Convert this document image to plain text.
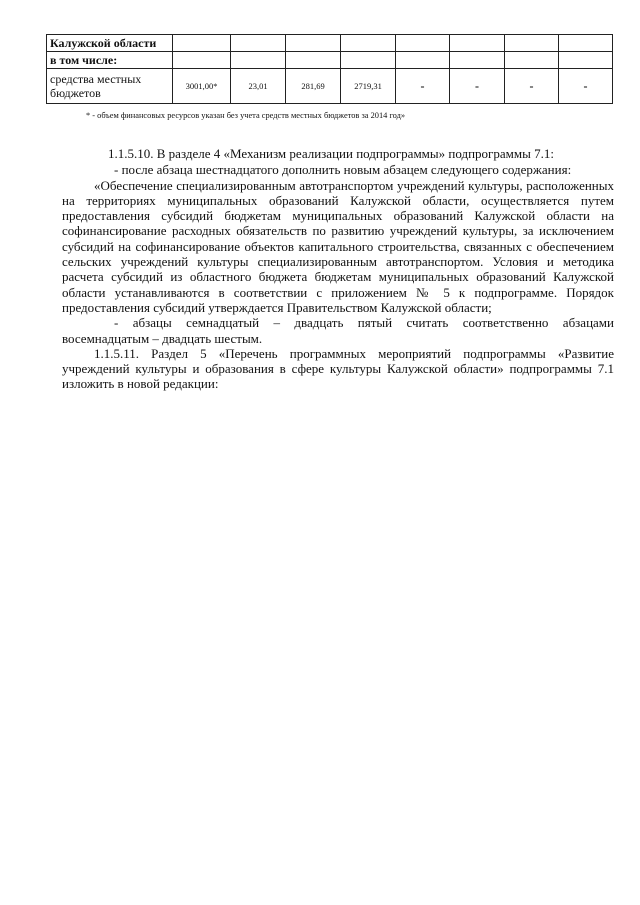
Калужской области								
в том числе:								
средства местных бюджетов	3001,00*	23,01	281,69	2719,31	-	-	-	-
* - объем финансовых ресурсов указан без учета средств местных бюджетов за 2014 год»

1.1.5.10. В разделе 4 «Механизм реализации подпрограммы» подпрограммы 7.1:

- после абзаца шестнадцатого дополнить новым абзацем следующего содержания:

«Обеспечение специализированным автотранспортом учреждений культуры, расположенных на территориях муниципальных образований Калужской области, осуществляется путем предоставления субсидий бюджетам муниципальных образований Калужской области на софинансирование расходных обязательств по развитию учреждений культуры, за исключением субсидий на софинансирование объектов капитального строительства, связанных с обеспечением сельских учреждений культуры специализированным автотранспортом. Условия и методика расчета субсидий из областного бюджета бюджетам муниципальных образований Калужской области устанавливаются в соответствии с приложением № 5 к подпрограмме. Порядок предоставления субсидий утверждается Правительством Калужской области;

- абзацы семнадцатый – двадцать пятый считать соответственно абзацами восемнадцатым – двадцать шестым.

1.1.5.11. Раздел 5 «Перечень программных мероприятий подпрограммы «Развитие учреждений культуры и образования в сфере культуры Калужской области» подпрограммы 7.1 изложить в новой редакции:
